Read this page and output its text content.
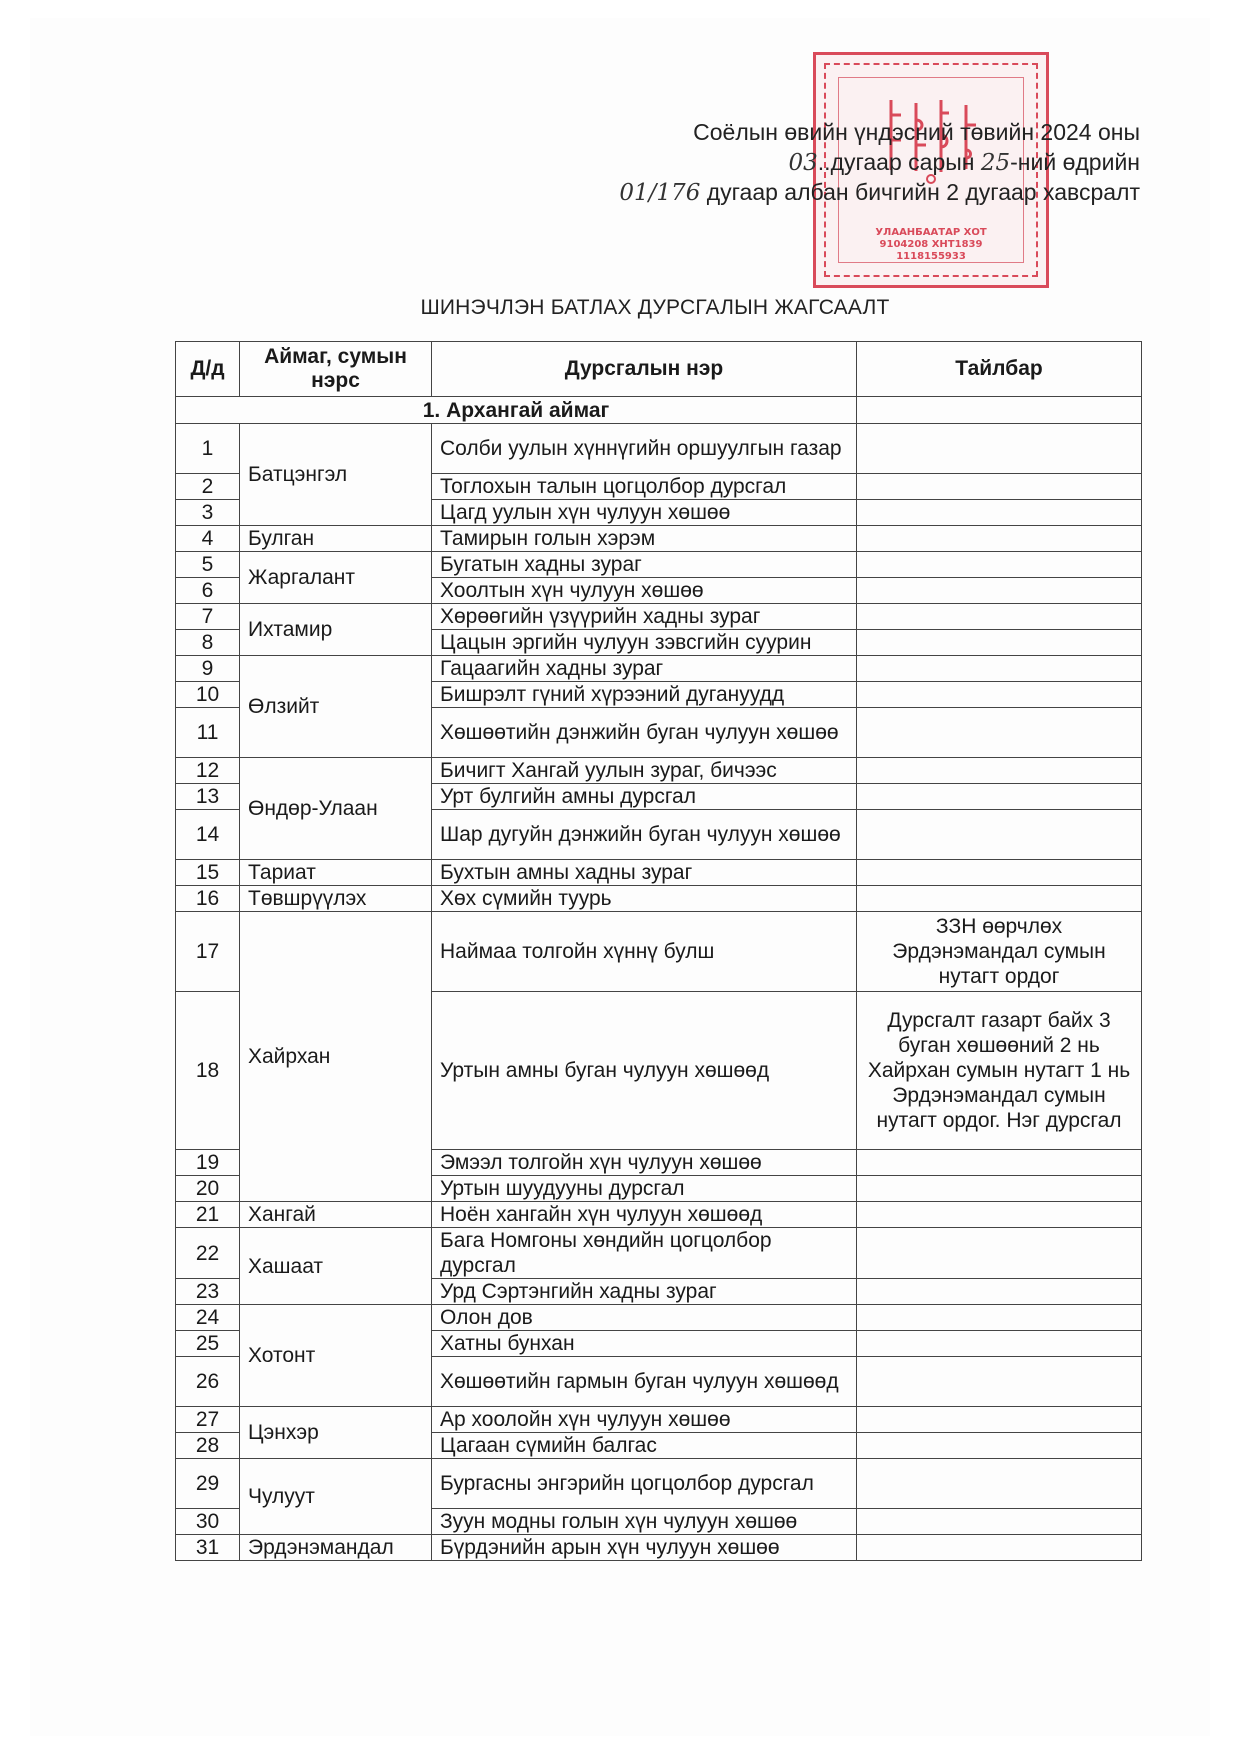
УЛААНБААТАР ХОТ
9104208 ХНТ1839
1118155933
Соёлын өвийн үндэсний төвийн 2024 оны
03..дугаар сарын 25-ний өдрийн
01/176 дугаар албан бичгийн 2 дугаар хавсралт
ШИНЭЧЛЭН БАТЛАХ ДУРСГАЛЫН ЖАГСААЛТ
Д/д	Аймаг, сумын нэрс	Дурсгалын нэр	Тайлбар
1. Архангай аймаг			
1	Батцэнгэл	Солби уулын хүннүгийн оршуулгын газар	
2		Тоглохын талын цогцолбор дурсгал	
3		Цагд уулын хүн чулуун хөшөө	
4	Булган	Тамирын голын хэрэм	
5	Жаргалант	Бугатын хадны зураг	
6		Хоолтын хүн чулуун хөшөө	
7	Ихтамир	Хөрөөгийн үзүүрийн хадны зураг	
8		Цацын эргийн чулуун зэвсгийн суурин	
9	Өлзийт	Гацаагийн хадны зураг	
10		Бишрэлт гүний хүрээний дугануудд	
11		Хөшөөтийн дэнжийн буган чулуун хөшөө	
12	Өндөр-Улаан	Бичигт Хангай уулын зураг, бичээс	
13		Урт булгийн амны дурсгал	
14		Шар дугуйн дэнжийн буган чулуун хөшөө	
15	Тариат	Бухтын амны хадны зураг	
16	Төвшрүүлэх	Хөх сүмийн туурь	
17	Хайрхан	Наймаа толгойн хүннү булш	ЗЗН өөрчлөх Эрдэнэмандал сумын нутагт ордог
18		Уртын амны буган чулуун хөшөөд	Дурсгалт газарт байх 3 буган хөшөөний 2 нь Хайрхан сумын нутагт 1 нь Эрдэнэмандал сумын нутагт ордог. Нэг дурсгал
19		Эмээл толгойн хүн чулуун хөшөө	
20		Уртын шуудууны дурсгал	
21	Хангай	Ноён хангайн хүн чулуун хөшөөд	
22	Хашаат	Бага Номгоны хөндийн цогцолбор дурсгал	
23		Урд Сэртэнгийн хадны зураг	
24	Хотонт	Олон дов	
25		Хатны бунхан	
26		Хөшөөтийн гармын буган чулуун хөшөөд	
27	Цэнхэр	Ар хоолойн хүн чулуун хөшөө	
28		Цагаан сүмийн балгас	
29	Чулуут	Бургасны энгэрийн цогцолбор дурсгал	
30		Зуун модны голын хүн чулуун хөшөө	
31	Эрдэнэмандал	Бүрдэнийн арын хүн чулуун хөшөө	
